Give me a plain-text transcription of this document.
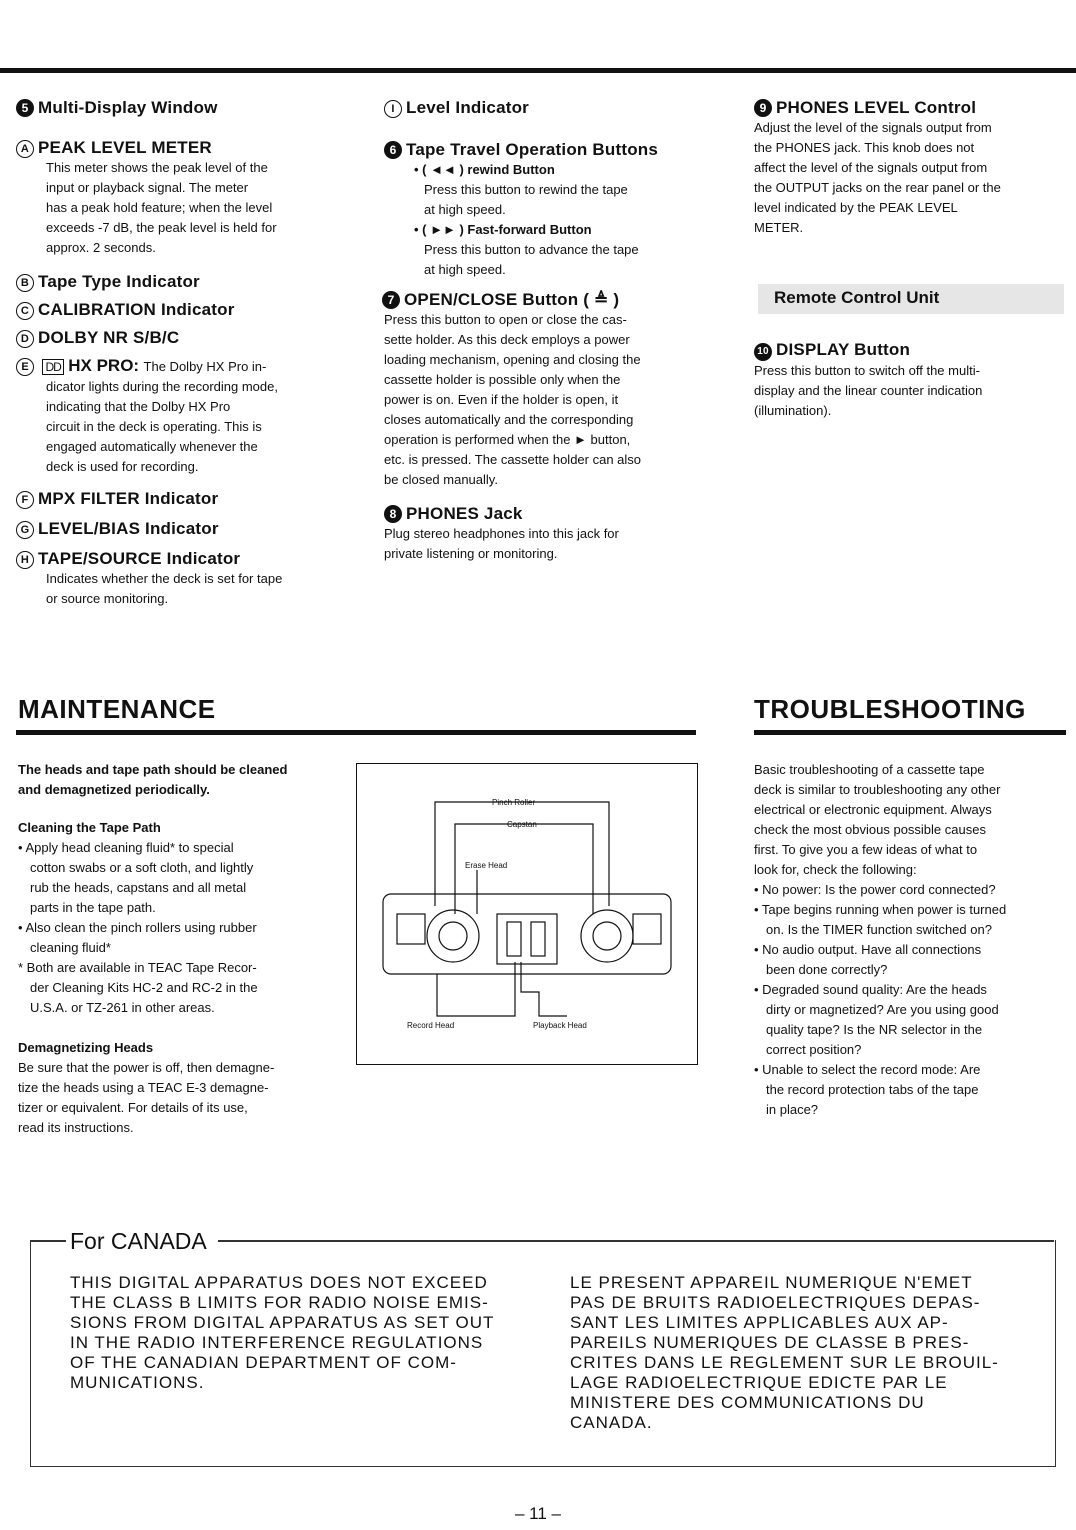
5 Multi-Display Window
A PEAK LEVEL METER

This meter shows the peak level of the

input or playback signal. The meter

has a peak hold feature; when the level

exceeds -7 dB, the peak level is held for

approx. 2 seconds.

B Tape Type Indicator
C CALIBRATION Indicator
D DOLBY NR S/B/C
E DD HX PRO: The Dolby HX Pro in-

dicator lights during the recording mode,

indicating that the Dolby HX Pro

circuit in the deck is operating. This is

engaged automatically whenever the

deck is used for recording.

F MPX FILTER Indicator
G LEVEL/BIAS Indicator
H TAPE/SOURCE Indicator

Indicates whether the deck is set for tape

or source monitoring.

I Level Indicator
6 Tape Travel Operation Buttons

• ( ◄◄ ) rewind Button

Press this button to rewind the tape

at high speed.

• ( ►► ) Fast-forward Button

Press this button to advance the tape

at high speed.

7 OPEN/CLOSE Button ( ≜ )

Press this button to open or close the cas-

sette holder. As this deck employs a power

loading mechanism, opening and closing the

cassette holder is possible only when the

power is on. Even if the holder is open, it

closes automatically and the corresponding

operation is performed when the ► button,

etc. is pressed. The cassette holder can also

be closed manually.

8 PHONES Jack

Plug stereo headphones into this jack for

private listening or monitoring.

9 PHONES LEVEL Control

Adjust the level of the signals output from

the PHONES jack. This knob does not

affect the level of the signals output from

the OUTPUT jacks on the rear panel or the

level indicated by the PEAK LEVEL

METER.

Remote Control Unit
10 DISPLAY Button

Press this button to switch off the multi-

display and the linear counter indication

(illumination).

MAINTENANCE

The heads and tape path should be cleaned

and demagnetized periodically.

Cleaning the Tape Path

• Apply head cleaning fluid* to special

cotton swabs or a soft cloth, and lightly

rub the heads, capstans and all metal

parts in the tape path.

• Also clean the pinch rollers using rubber

cleaning fluid*

* Both are available in TEAC Tape Recor-

der Cleaning Kits HC-2 and RC-2 in the

U.S.A. or TZ-261 in other areas.

Demagnetizing Heads

Be sure that the power is off, then demagne-

tize the heads using a TEAC E-3 demagne-

tizer or equivalent. For details of its use,

read its instructions.

Pinch Roller
Capstan
Erase Head
Record Head	Playback Head
TROUBLESHOOTING

Basic troubleshooting of a cassette tape

deck is similar to troubleshooting any other

electrical or electronic equipment. Always

check the most obvious possible causes

first. To give you a few ideas of what to

look for, check the following:

• No power: Is the power cord connected?

• Tape begins running when power is turned

on. Is the TIMER function switched on?

• No audio output. Have all connections

been done correctly?

• Degraded sound quality: Are the heads

dirty or magnetized? Are you using good

quality tape? Is the NR selector in the

correct position?

• Unable to select the record mode: Are

the record protection tabs of the tape

in place?

For CANADA
THIS DIGITAL APPARATUS DOES NOT EXCEED
THE CLASS B LIMITS FOR RADIO NOISE EMIS-
SIONS FROM DIGITAL APPARATUS AS SET OUT
IN THE RADIO INTERFERENCE REGULATIONS
OF THE CANADIAN DEPARTMENT OF COM-
MUNICATIONS.
LE PRESENT APPAREIL NUMERIQUE N'EMET
PAS DE BRUITS RADIOELECTRIQUES DEPAS-
SANT LES LIMITES APPLICABLES AUX AP-
PAREILS NUMERIQUES DE CLASSE B PRES-
CRITES DANS LE REGLEMENT SUR LE BROUIL-
LAGE RADIOELECTRIQUE EDICTE PAR LE
MINISTERE DES COMMUNICATIONS DU
CANADA.
– 11 –
